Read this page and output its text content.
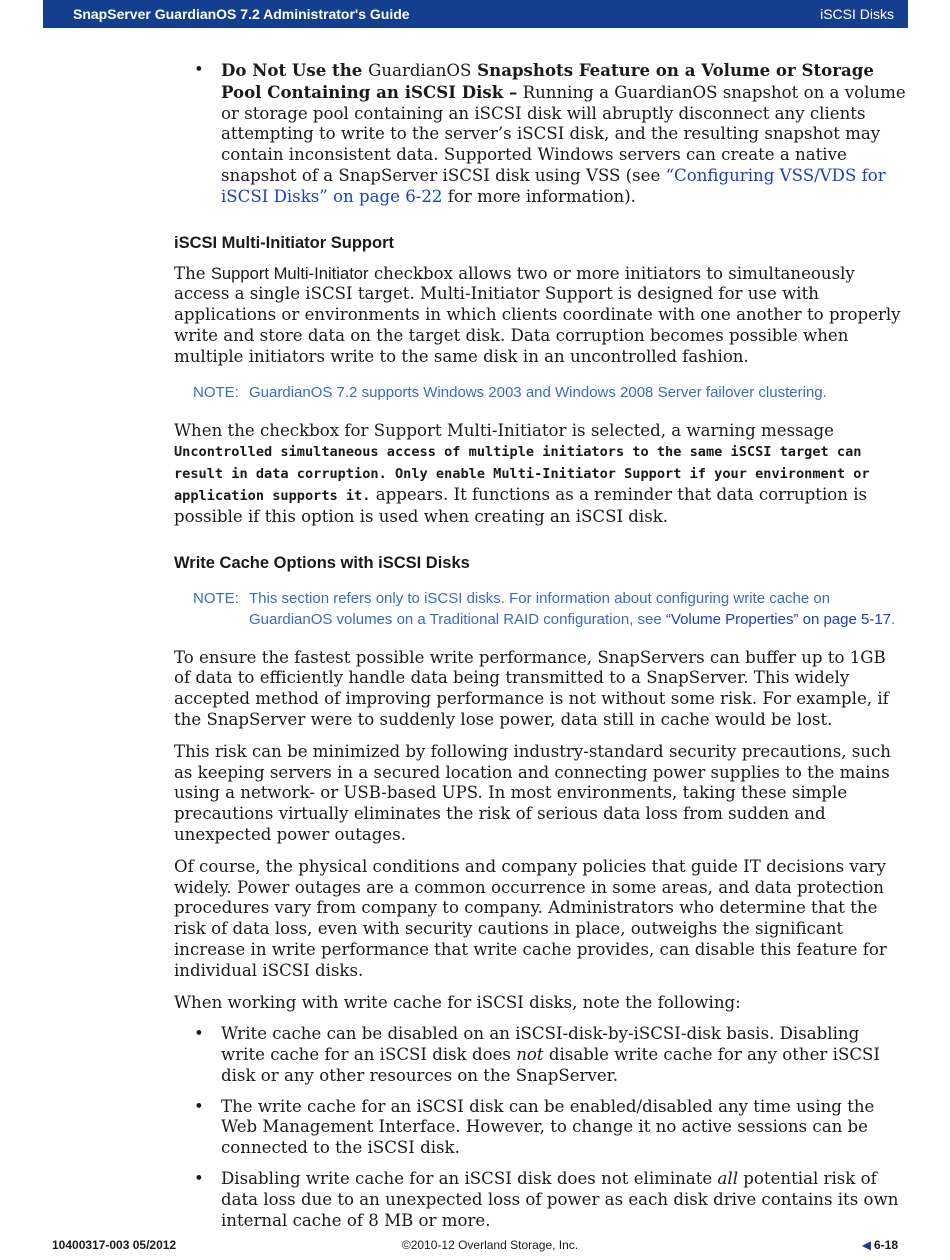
SnapServer GuardianOS 7.2 Administrator's Guide	iSCSI Disks
• Do Not Use the GuardianOS Snapshots Feature on a Volume or Storage Pool Containing an iSCSI Disk – Running a GuardianOS snapshot on a volume or storage pool containing an iSCSI disk will abruptly disconnect any clients attempting to write to the server’s iSCSI disk, and the resulting snapshot may contain inconsistent data. Supported Windows servers can create a native snapshot of a SnapServer iSCSI disk using VSS (see “Configuring VSS/VDS for iSCSI Disks” on page 6-22 for more information).
iSCSI Multi-Initiator Support

The Support Multi-Initiator checkbox allows two or more initiators to simultaneously access a single iSCSI target. Multi-Initiator Support is designed for use with applications or environments in which clients coordinate with one another to properly write and store data on the target disk. Data corruption becomes possible when multiple initiators write to the same disk in an uncontrolled fashion.

NOTE: GuardianOS 7.2 supports Windows 2003 and Windows 2008 Server failover clustering.

When the checkbox for Support Multi-Initiator is selected, a warning message Uncontrolled simultaneous access of multiple initiators to the same iSCSI target can result in data corruption. Only enable Multi-Initiator Support if your environment or application supports it. appears. It functions as a reminder that data corruption is possible if this option is used when creating an iSCSI disk.

Write Cache Options with iSCSI Disks
NOTE: This section refers only to iSCSI disks. For information about configuring write cache on GuardianOS volumes on a Traditional RAID configuration, see “Volume Properties” on page 5-17.

To ensure the fastest possible write performance, SnapServers can buffer up to 1GB of data to efficiently handle data being transmitted to a SnapServer. This widely accepted method of improving performance is not without some risk. For example, if the SnapServer were to suddenly lose power, data still in cache would be lost.

This risk can be minimized by following industry-standard security precautions, such as keeping servers in a secured location and connecting power supplies to the mains using a network- or USB-based UPS. In most environments, taking these simple precautions virtually eliminates the risk of serious data loss from sudden and unexpected power outages.

Of course, the physical conditions and company policies that guide IT decisions vary widely. Power outages are a common occurrence in some areas, and data protection procedures vary from company to company. Administrators who determine that the risk of data loss, even with security cautions in place, outweighs the significant increase in write performance that write cache provides, can disable this feature for individual iSCSI disks.

When working with write cache for iSCSI disks, note the following:

• Write cache can be disabled on an iSCSI-disk-by-iSCSI-disk basis. Disabling write cache for an iSCSI disk does not disable write cache for any other iSCSI disk or any other resources on the SnapServer.
• The write cache for an iSCSI disk can be enabled/disabled any time using the Web Management Interface. However, to change it no active sessions can be connected to the iSCSI disk.
• Disabling write cache for an iSCSI disk does not eliminate all potential risk of data loss due to an unexpected loss of power as each disk drive contains its own internal cache of 8 MB or more.
10400317-003 05/2012	©2010-12 Overland Storage, Inc.	◀ 6-18
